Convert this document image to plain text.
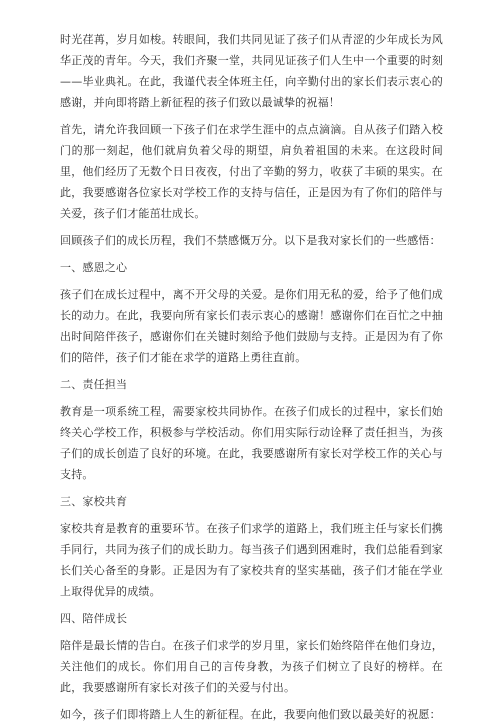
时光荏苒，岁月如梭。转眼间，我们共同见证了孩子们从青涩的少年成长为风华正茂的青年。今天，我们齐聚一堂，共同见证孩子们人生中一个重要的时刻——毕业典礼。在此，我谨代表全体班主任，向辛勤付出的家长们表示衷心的感谢，并向即将踏上新征程的孩子们致以最诚挚的祝福！

首先，请允许我回顾一下孩子们在求学生涯中的点点滴滴。自从孩子们踏入校门的那一刻起，他们就肩负着父母的期望，肩负着祖国的未来。在这段时间里，他们经历了无数个日日夜夜，付出了辛勤的努力，收获了丰硕的果实。在此，我要感谢各位家长对学校工作的支持与信任，正是因为有了你们的陪伴与关爱，孩子们才能茁壮成长。

回顾孩子们的成长历程，我们不禁感慨万分。以下是我对家长们的一些感悟：

一、感恩之心

孩子们在成长过程中，离不开父母的关爱。是你们用无私的爱，给予了他们成长的动力。在此，我要向所有家长们表示衷心的感谢！感谢你们在百忙之中抽出时间陪伴孩子，感谢你们在关键时刻给予他们鼓励与支持。正是因为有了你们的陪伴，孩子们才能在求学的道路上勇往直前。

二、责任担当

教育是一项系统工程，需要家校共同协作。在孩子们成长的过程中，家长们始终关心学校工作，积极参与学校活动。你们用实际行动诠释了责任担当，为孩子们的成长创造了良好的环境。在此，我要感谢所有家长对学校工作的关心与支持。

三、家校共育

家校共育是教育的重要环节。在孩子们求学的道路上，我们班主任与家长们携手同行，共同为孩子们的成长助力。每当孩子们遇到困难时，我们总能看到家长们关心备至的身影。正是因为有了家校共育的坚实基础，孩子们才能在学业上取得优异的成绩。

四、陪伴成长

陪伴是最长情的告白。在孩子们求学的岁月里，家长们始终陪伴在他们身边，关注他们的成长。你们用自己的言传身教，为孩子们树立了良好的榜样。在此，我要感谢所有家长对孩子们的关爱与付出。

如今，孩子们即将踏上人生的新征程。在此，我要向他们致以最美好的祝愿：
